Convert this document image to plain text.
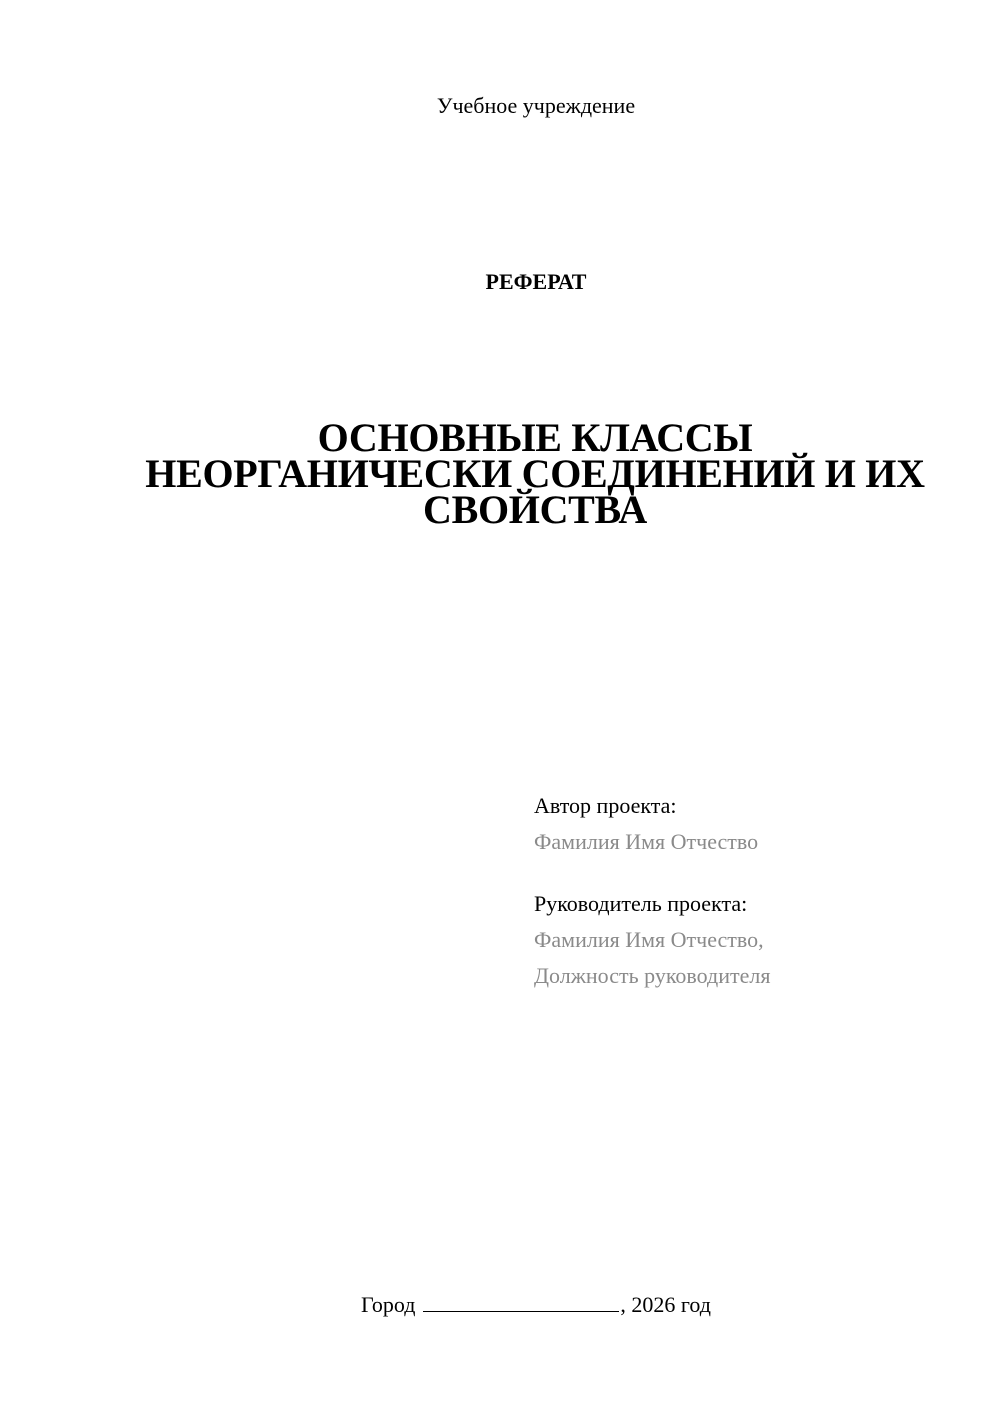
Учебное учреждение
РЕФЕРАТ
ОСНОВНЫЕ КЛАССЫ
НЕОРГАНИЧЕСКИ СОЕДИНЕНИЙ И ИХ
СВОЙСТВА
Автор проекта:
Фамилия Имя Отчество
Руководитель проекта:
Фамилия Имя Отчество,
Должность руководителя
Город	, 2026 год
